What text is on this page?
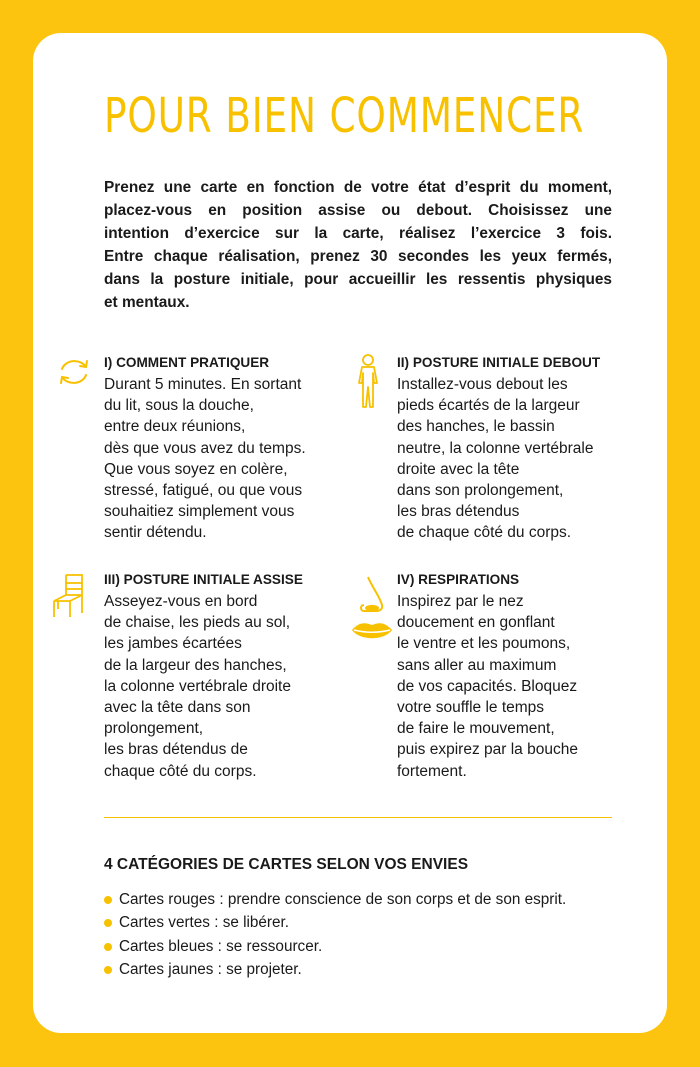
POUR BIEN COMMENCER
Prenez une carte en fonction de votre état d’esprit du moment,
placez-vous en position assise ou debout. Choisissez une
intention d’exercice sur la carte, réalisez l’exercice 3 fois.
Entre chaque réalisation, prenez 30 secondes les yeux fermés,
dans la posture initiale, pour accueillir les ressentis physiques
et mentaux.
I) COMMENT PRATIQUER
Durant 5 minutes. En sortant
du lit, sous la douche,
entre deux réunions,
dès que vous avez du temps.
Que vous soyez en colère,
stressé, fatigué, ou que vous
souhaitiez simplement vous
sentir détendu.
II) POSTURE INITIALE DEBOUT
Installez-vous debout les
pieds écartés de la largeur
des hanches, le bassin
neutre, la colonne vertébrale
droite avec la tête
dans son prolongement,
les bras détendus
de chaque côté du corps.
III) POSTURE INITIALE ASSISE
Asseyez-vous en bord
de chaise, les pieds au sol,
les jambes écartées
de la largeur des hanches,
la colonne vertébrale droite
avec la tête dans son
prolongement,
les bras détendus de
chaque côté du corps.
IV) RESPIRATIONS
Inspirez par le nez
doucement en gonflant
le ventre et les poumons,
sans aller au maximum
de vos capacités. Bloquez
votre souffle le temps
de faire le mouvement,
puis expirez par la bouche
fortement.
4 CATÉGORIES DE CARTES SELON VOS ENVIES
Cartes rouges : prendre conscience de son corps et de son esprit.
Cartes vertes : se libérer.
Cartes bleues : se ressourcer.
Cartes jaunes : se projeter.
